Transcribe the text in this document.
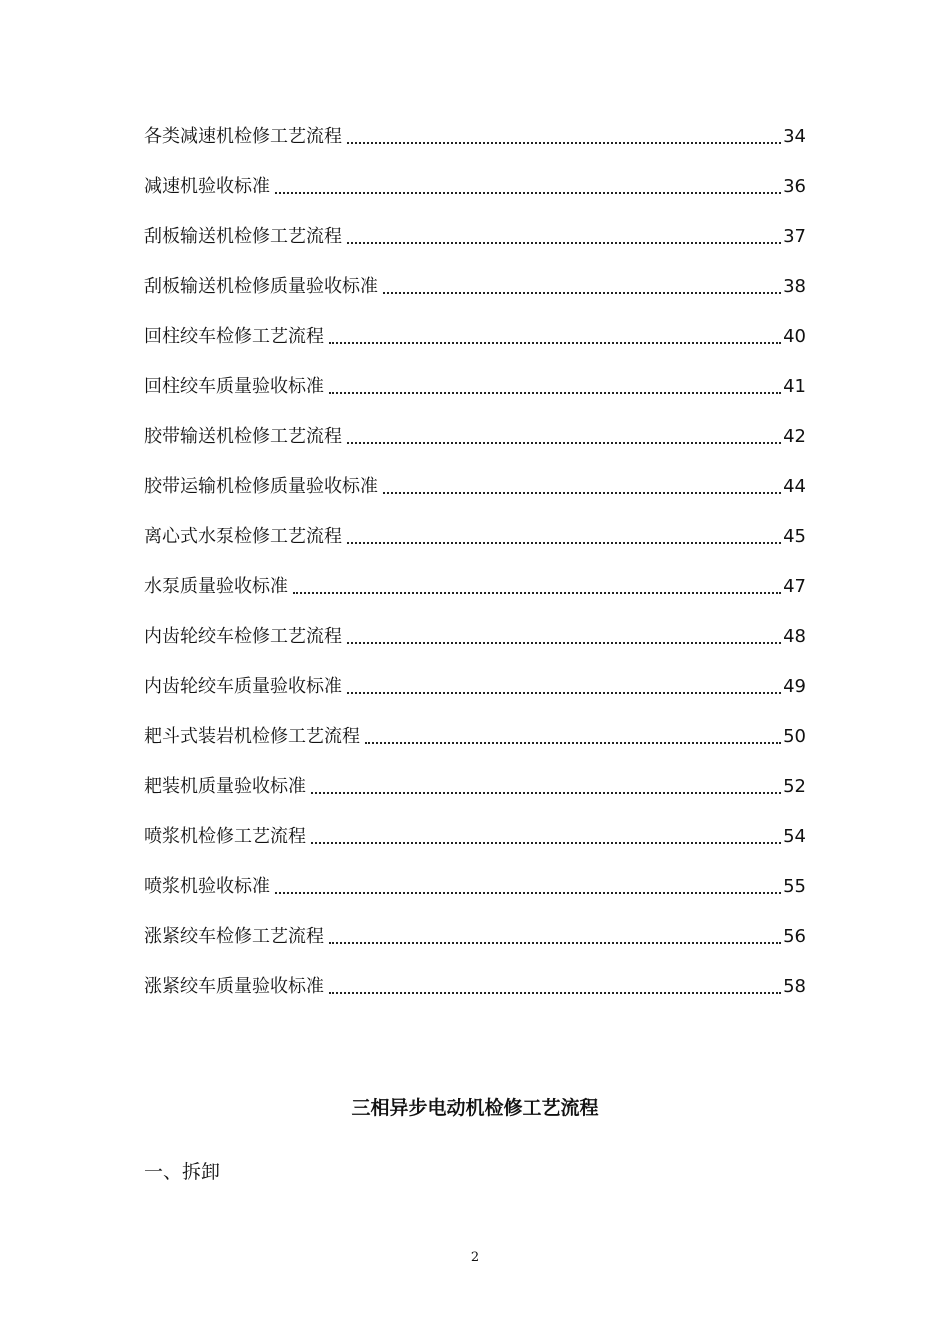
各类减速机检修工艺流程	34
减速机验收标准	36
刮板输送机检修工艺流程	37
刮板输送机检修质量验收标准	38
回柱绞车检修工艺流程	40
回柱绞车质量验收标准	41
胶带输送机检修工艺流程	42
胶带运输机检修质量验收标准	44
离心式水泵检修工艺流程	45
水泵质量验收标准	47
内齿轮绞车检修工艺流程	48
内齿轮绞车质量验收标准	49
耙斗式装岩机检修工艺流程	50
耙装机质量验收标准	52
喷浆机检修工艺流程	54
喷浆机验收标准	55
涨紧绞车检修工艺流程	56
涨紧绞车质量验收标准	58
三相异步电动机检修工艺流程
一、拆卸
2
